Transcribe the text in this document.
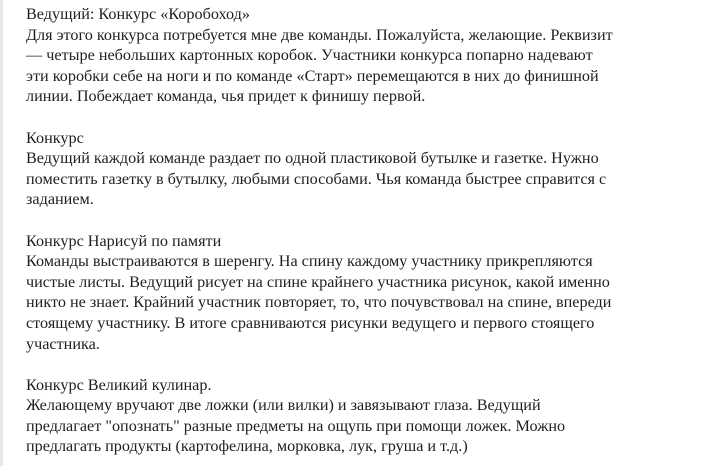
Ведущий: Конкурс «Коробоход»
Для этого конкурса потребуется мне две команды. Пожалуйста, желающие. Реквизит
— четыре небольших картонных коробок. Участники конкурса попарно надевают
эти коробки себе на ноги и по команде «Старт» перемещаются в них до финишной
линии. Побеждает команда, чья придет к финишу первой.
Конкурс
Ведущий каждой команде раздает по одной пластиковой бутылке и газетке. Нужно
поместить газетку в бутылку, любыми способами. Чья команда быстрее справится с
заданием.
Конкурс Нарисуй по памяти
Команды выстраиваются в шеренгу. На спину каждому участнику прикрепляются
чистые листы. Ведущий рисует на спине крайнего участника рисунок, какой именно
никто не знает. Крайний участник повторяет, то, что почувствовал на спине, впереди
стоящему участнику. В итоге сравниваются рисунки ведущего и первого стоящего
участника.
Конкурс Великий кулинар.
Желающему вручают две ложки (или вилки) и завязывают глаза. Ведущий
предлагает "опознать" разные предметы на ощупь при помощи ложек. Можно
предлагать продукты (картофелина, морковка, лук, груша и т.д.)
